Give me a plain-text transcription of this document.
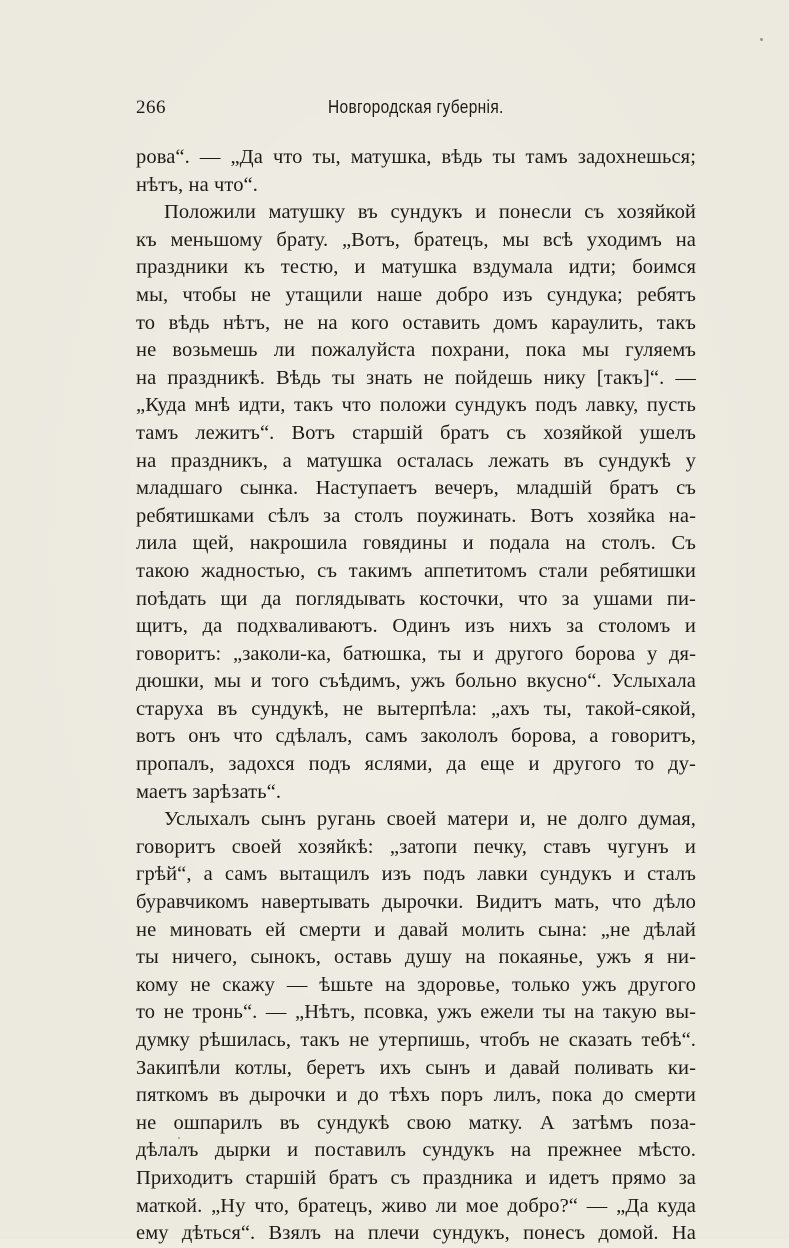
266	Новгородская губернія.
рова“. — „Да что ты, матушка, вѣдь ты тамъ задохнешься;
нѣтъ, на что“.
Положили матушку въ сундукъ и понесли съ хозяйкой
къ меньшому брату. „Вотъ, братецъ, мы всѣ уходимъ на
праздники къ тестю, и матушка вздумала идти; боимся
мы, чтобы не утащили наше добро изъ сундука; ребятъ
то вѣдь нѣтъ, не на кого оставить домъ караулить, такъ
не возьмешь ли пожалуйста похрани, пока мы гуляемъ
на праздникѣ. Вѣдь ты знать не пойдешь нику [такъ]“. —
„Куда мнѣ идти, такъ что положи сундукъ подъ лавку, пусть
тамъ лежитъ“. Вотъ старшій братъ съ хозяйкой ушелъ
на праздникъ, а матушка осталась лежать въ сундукѣ у
младшаго сынка. Наступаетъ вечеръ, младшій братъ съ
ребятишками сѣлъ за столъ поужинать. Вотъ хозяйка на-
лила щей, накрошила говядины и подала на столъ. Съ
такою жадностью, съ такимъ аппетитомъ стали ребятишки
поѣдать щи да поглядывать косточки, что за ушами пи-
щитъ, да подхваливаютъ. Одинъ изъ нихъ за столомъ и
говоритъ: „заколи-ка, батюшка, ты и другого борова у дя-
дюшки, мы и того съѣдимъ, ужъ больно вкусно“. Услыхала
старуха въ сундукѣ, не вытерпѣла: „ахъ ты, такой-сякой,
вотъ онъ что сдѣлалъ, самъ закололъ борова, а говоритъ,
пропалъ, задохся подъ яслями, да еще и другого то ду-
маетъ зарѣзать“.
Услыхалъ сынъ ругань своей матери и, не долго думая,
говоритъ своей хозяйкѣ: „затопи печку, ставъ чугунъ и
грѣй“, а самъ вытащилъ изъ подъ лавки сундукъ и сталъ
буравчикомъ навертывать дырочки. Видитъ мать, что дѣло
не миновать ей смерти и давай молить сына: „не дѣлай
ты ничего, сынокъ, оставь душу на покаянье, ужъ я ни-
кому не скажу — ѣшьте на здоровье, только ужъ другого
то не тронь“. — „Нѣтъ, псовка, ужъ ежели ты на такую вы-
думку рѣшилась, такъ не утерпишь, чтобъ не сказать тебѣ“.
Закипѣли котлы, беретъ ихъ сынъ и давай поливать ки-
пяткомъ въ дырочки и до тѣхъ поръ лилъ, пока до смерти
не ошпарилъ въ сундукѣ свою матку. А затѣмъ поза-
дѣлалъ дырки и поставилъ сундукъ на прежнее мѣсто.
Приходитъ старшій братъ съ праздника и идетъ прямо за
маткой. „Ну что, братецъ, живо ли мое добро?“ — „Да куда
ему дѣться“. Взялъ на плечи сундукъ, понесъ домой. На
